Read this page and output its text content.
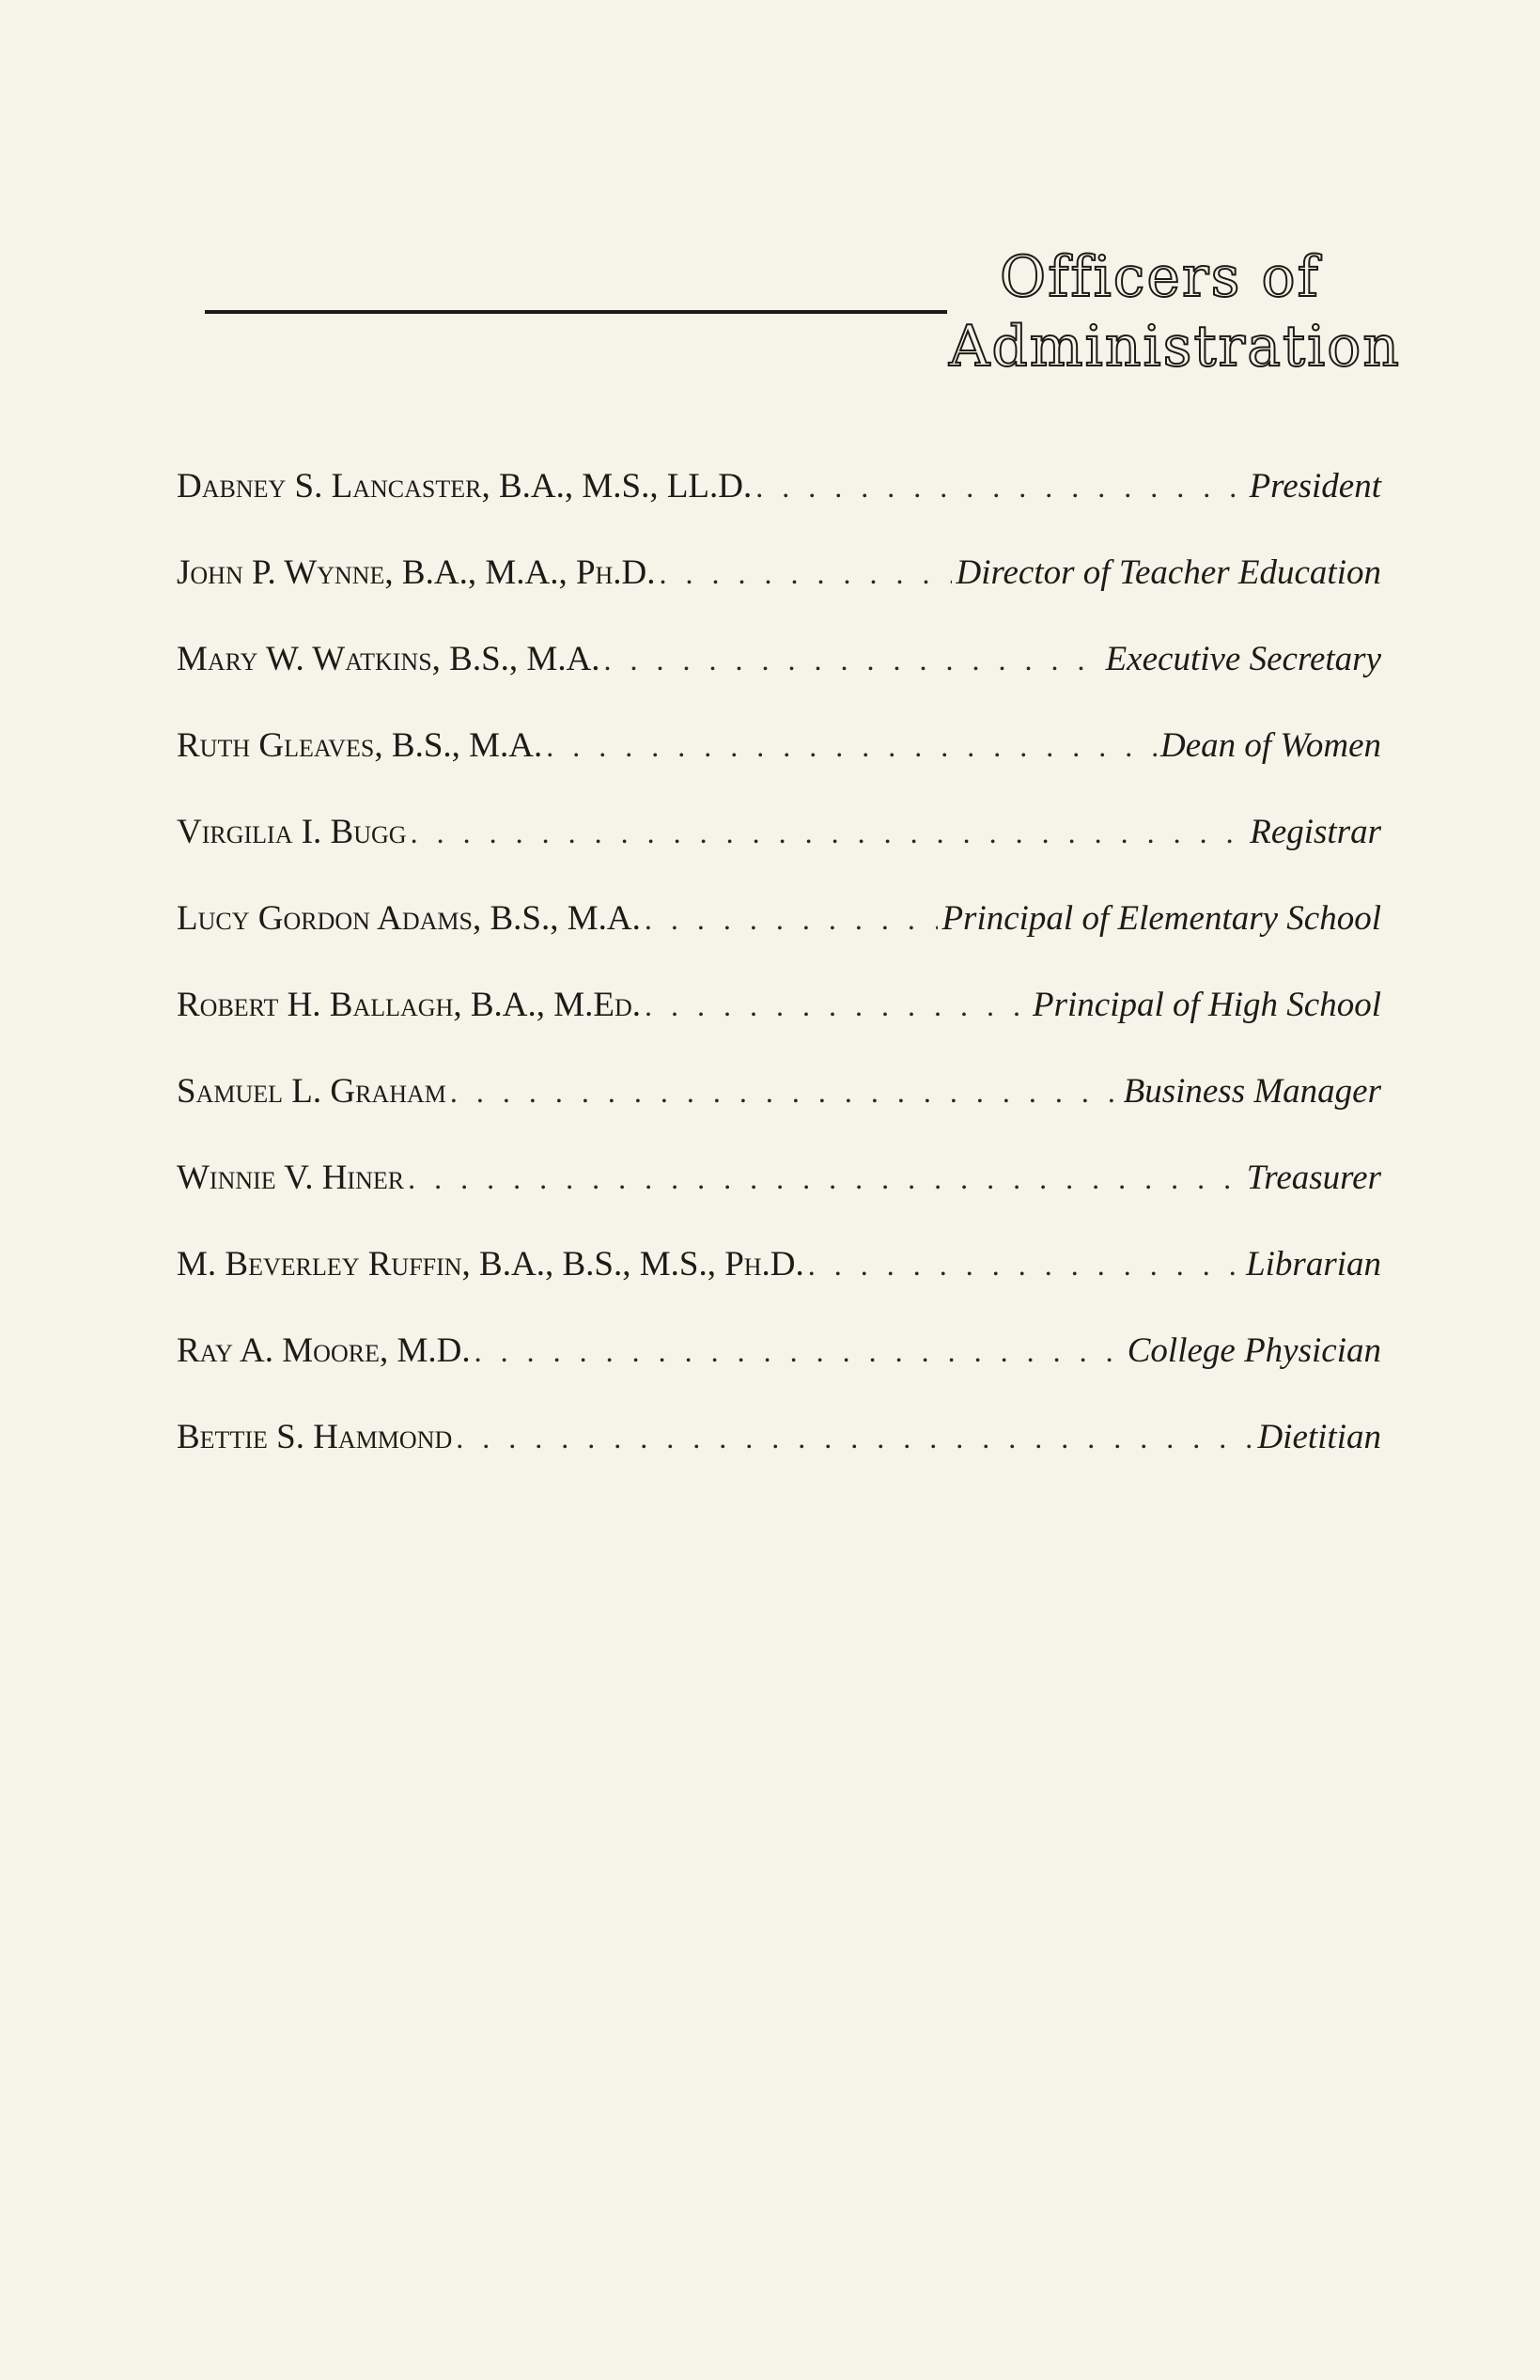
Officers of
Administration
Dabney S. Lancaster, B.A., M.S., LL.D. . . .	President
John P. Wynne, B.A., M.A., Ph.D. . . .	Director of Teacher Education
Mary W. Watkins, B.S., M.A. . . .	Executive Secretary
Ruth Gleaves, B.S., M.A. . . .	Dean of Women
Virgilia I. Bugg . . .	Registrar
Lucy Gordon Adams, B.S., M.A. . . .	Principal of Elementary School
Robert H. Ballagh, B.A., M.Ed. . . .	Principal of High School
Samuel L. Graham . . .	Business Manager
Winnie V. Hiner . . .	Treasurer
M. Beverley Ruffin, B.A., B.S., M.S., Ph.D. . . .	Librarian
Ray A. Moore, M.D. . . .	College Physician
Bettie S. Hammond . . .	Dietitian
